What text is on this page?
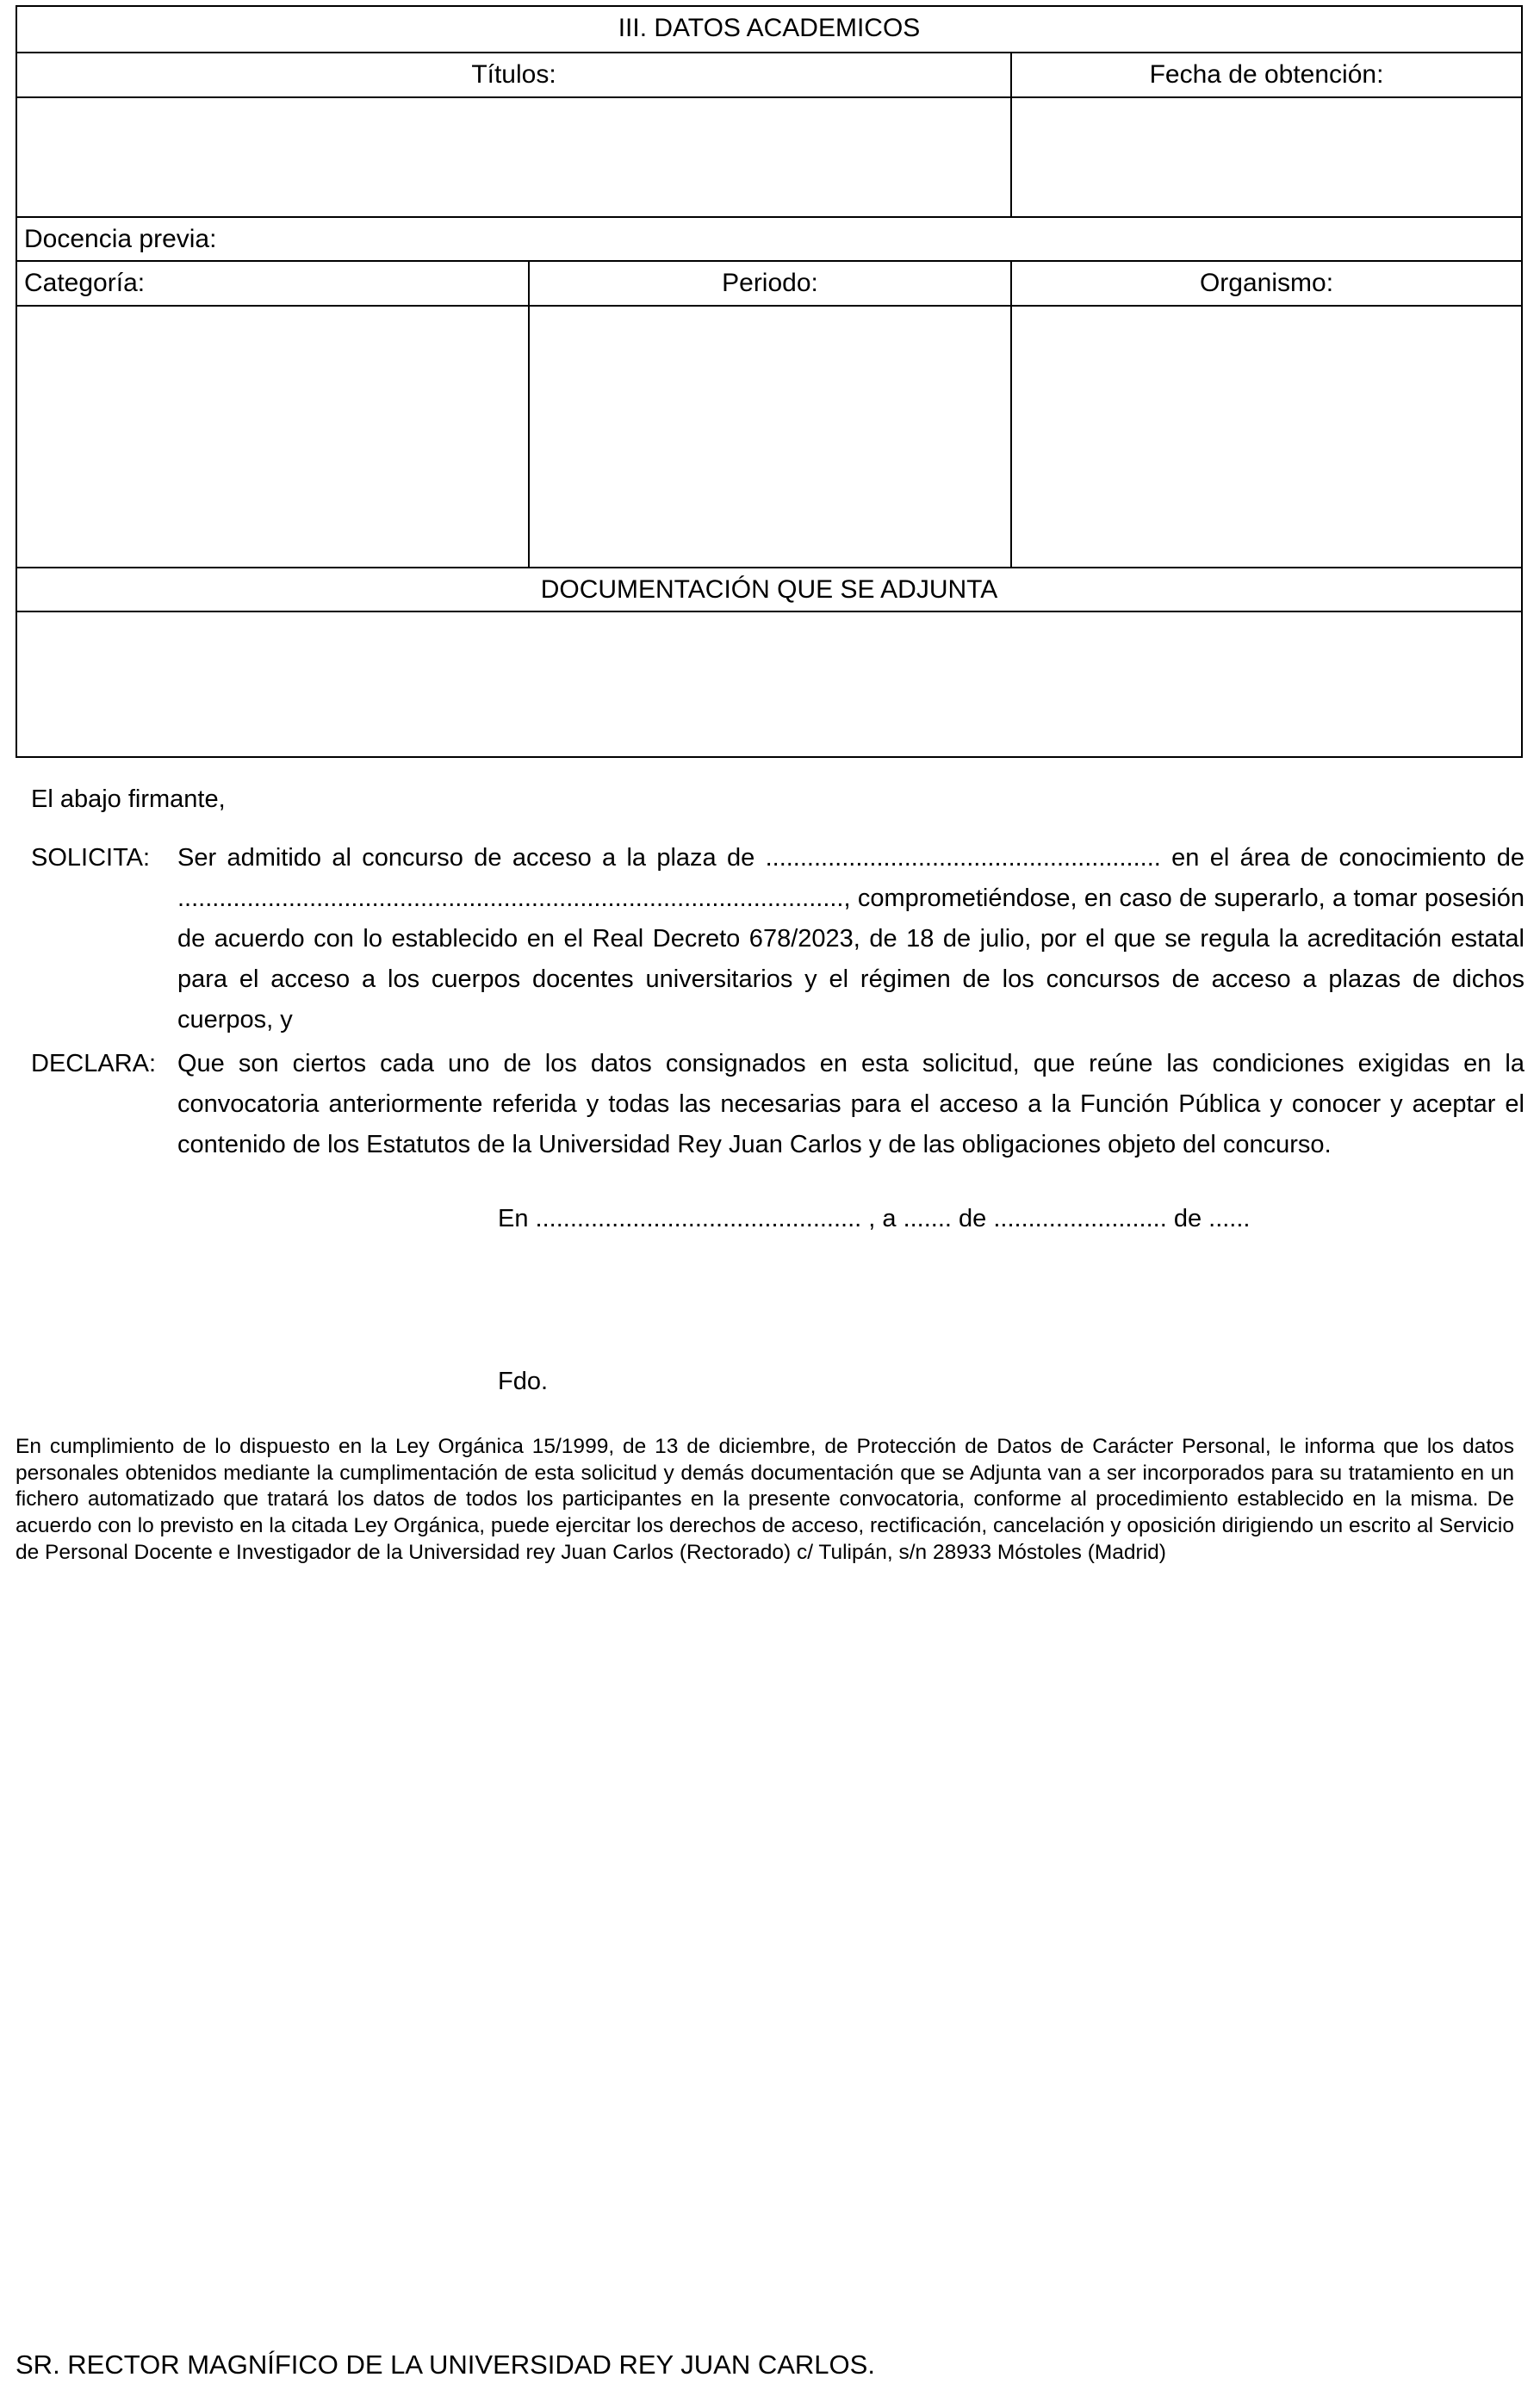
III. DATOS ACADEMICOS		
Títulos:		Fecha de obtención:

Docencia previa:		
Categoría:	Periodo:	Organismo:

DOCUMENTACIÓN QUE SE ADJUNTA		

El abajo firmante,
SOLICITA:	Ser admitido al concurso de acceso a la plaza de ......................................................... en el área de conocimiento de ................................................................................................, comprometiéndose, en caso de superarlo, a tomar posesión de acuerdo con lo establecido en el Real Decreto 678/2023, de 18 de julio, por el que se regula la acreditación estatal para el acceso a los cuerpos docentes universitarios y el régimen de los concursos de acceso a plazas de dichos cuerpos, y
DECLARA: Que son ciertos cada uno de los datos consignados en esta solicitud, que reúne las condiciones exigidas en la convocatoria anteriormente referida y todas las necesarias para el acceso a la Función Pública y conocer y aceptar el contenido de los Estatutos de la Universidad Rey Juan Carlos y de las obligaciones objeto del concurso.
En ............................................... , a ....... de ......................... de ......
Fdo.
En cumplimiento de lo dispuesto en la Ley Orgánica 15/1999, de 13 de diciembre, de Protección de Datos de Carácter Personal, le informa que los datos personales obtenidos mediante la cumplimentación de esta solicitud y demás documentación que se Adjunta van a ser incorporados para su tratamiento en un fichero automatizado que tratará los datos de todos los participantes en la presente convocatoria, conforme al procedimiento establecido en la misma. De acuerdo con lo previsto en la citada Ley Orgánica, puede ejercitar los derechos de acceso, rectificación, cancelación y oposición dirigiendo un escrito al Servicio de Personal Docente e Investigador de la Universidad rey Juan Carlos (Rectorado) c/ Tulipán, s/n 28933 Móstoles (Madrid)
SR. RECTOR MAGNÍFICO DE LA UNIVERSIDAD REY JUAN CARLOS.
